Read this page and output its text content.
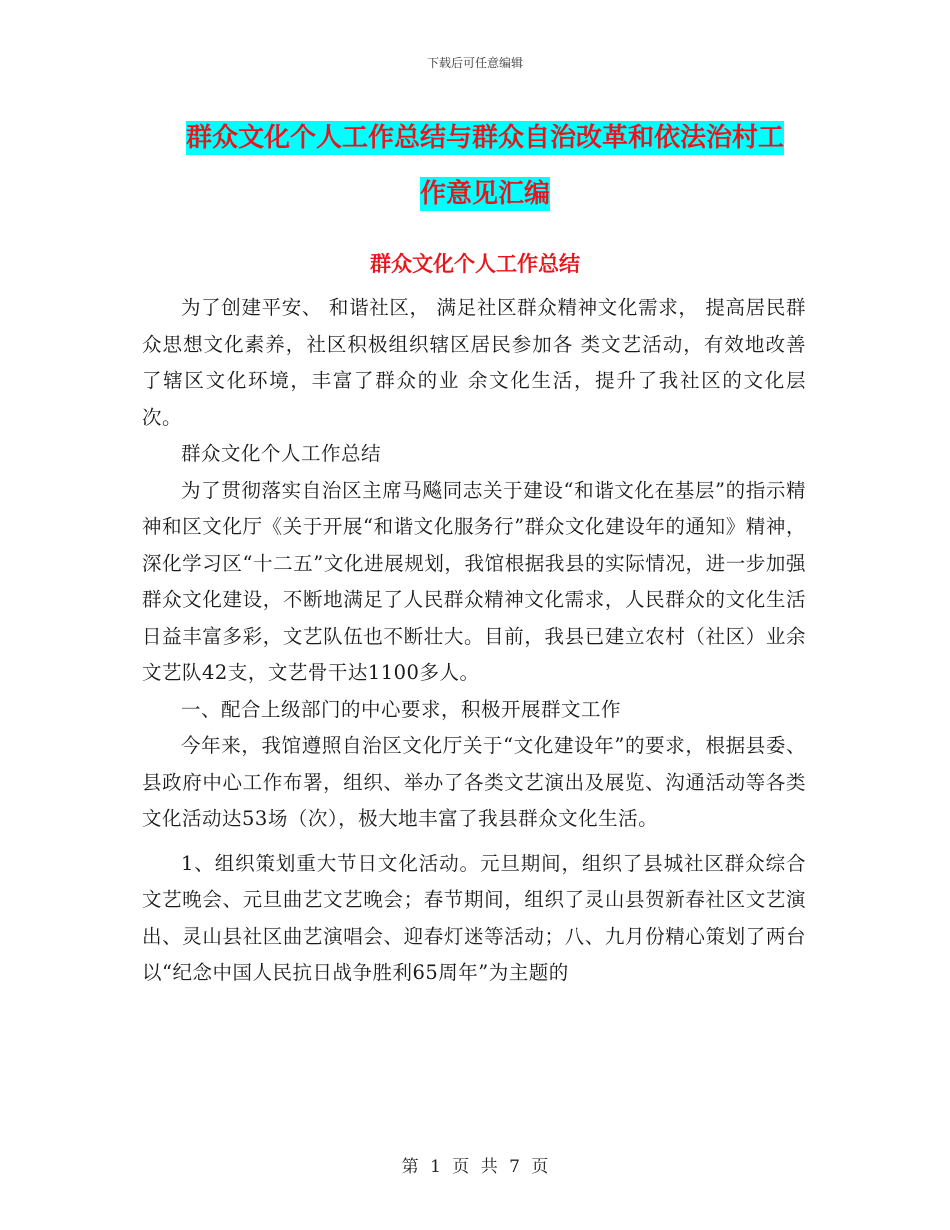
下载后可任意编辑
群众文化个人工作总结与群众自治改革和依法治村工
作意见汇编
群众文化个人工作总结

为了创建平安、 和谐社区， 满足社区群众精神文化需求， 提高居民群众思想文化素养，社区积极组织辖区居民参加各 类文艺活动，有效地改善了辖区文化环境，丰富了群众的业 余文化生活，提升了我社区的文化层次。

群众文化个人工作总结

为了贯彻落实自治区主席马飚同志关于建设“和谐文化在基层”的指示精神和区文化厅《关于开展“和谐文化服务行”群众文化建设年的通知》精神，深化学习区“十二五”文化进展规划，我馆根据我县的实际情况，进一步加强群众文化建设，不断地满足了人民群众精神文化需求，人民群众的文化生活日益丰富多彩，文艺队伍也不断壮大。目前，我县已建立农村（社区）业余文艺队42支，文艺骨干达1100多人。

一、配合上级部门的中心要求，积极开展群文工作

今年来，我馆遵照自治区文化厅关于“文化建设年”的要求，根据县委、县政府中心工作布署，组织、举办了各类文艺演出及展览、沟通活动等各类文化活动达53场（次），极大地丰富了我县群众文化生活。

1、组织策划重大节日文化活动。元旦期间，组织了县城社区群众综合文艺晚会、元旦曲艺文艺晚会；春节期间，组织了灵山县贺新春社区文艺演出、灵山县社区曲艺演唱会、迎春灯迷等活动；八、九月份精心策划了两台以“纪念中国人民抗日战争胜利65周年”为主题的

第 1 页 共 7 页
